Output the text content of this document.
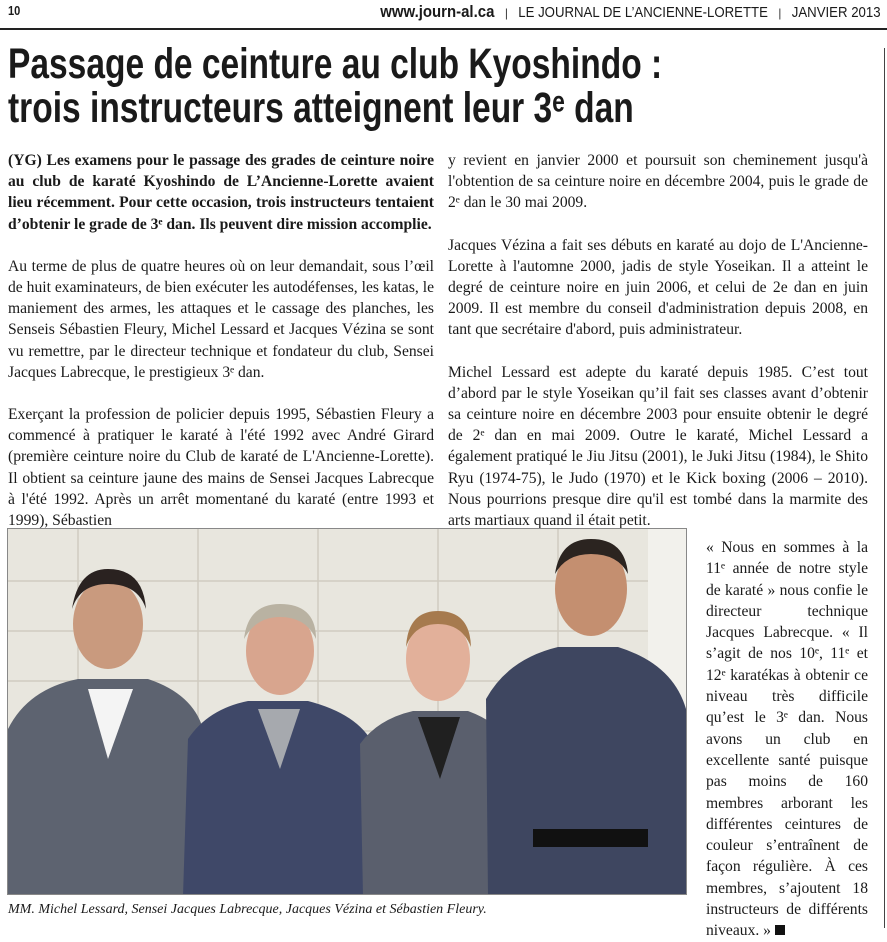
10	www.journ-al.ca | LE JOURNAL DE L’ANCIENNE-LORETTE | JANVIER 2013
Passage de ceinture au club Kyoshindo :
trois instructeurs atteignent leur 3ᵉ dan

(YG) Les examens pour le passage des grades de ceinture noire au club de karaté Kyoshindo de L’Ancienne-Lorette avaient lieu récemment. Pour cette occasion, trois instructeurs tentaient d’obtenir le grade de 3ᵉ dan. Ils peuvent dire mission accomplie.

Au terme de plus de quatre heures où on leur demandait, sous l’œil de huit examinateurs, de bien exécuter les autodéfenses, les katas, le maniement des armes, les attaques et le cassage des planches, les Senseis Sébastien Fleury, Michel Lessard et Jacques Vézina se sont vu remettre, par le directeur technique et fondateur du club, Sensei Jacques Labrecque, le prestigieux 3ᵉ dan.

Exerçant la profession de policier depuis 1995, Sébastien Fleury a commencé à pratiquer le karaté à l'été 1992 avec André Girard (première ceinture noire du Club de karaté de L'Ancienne-Lorette). Il obtient sa ceinture jaune des mains de Sensei Jacques Labrecque à l'été 1992. Après un arrêt momentané du karaté (entre 1993 et 1999), Sébastien

y revient en janvier 2000 et poursuit son cheminement jusqu'à l'obtention de sa ceinture noire en décembre 2004, puis le grade de 2ᵉ dan le 30 mai 2009.

Jacques Vézina a fait ses débuts en karaté au dojo de L'Ancienne-Lorette à l'automne 2000, jadis de style Yoseikan. Il a atteint le degré de ceinture noire en juin 2006, et celui de 2e dan en juin 2009. Il est membre du conseil d'administration depuis 2008, en tant que secrétaire d'abord, puis administrateur.

Michel Lessard est adepte du karaté depuis 1985. C’est tout d’abord par le style Yoseikan qu’il fait ses classes avant d’obtenir sa ceinture noire en décembre 2003 pour ensuite obtenir le degré de 2ᵉ dan en mai 2009. Outre le karaté, Michel Lessard a également pratiqué le Jiu Jitsu (2001), le Juki Jitsu (1984), le Shito Ryu (1974-75), le Judo (1970) et le Kick boxing (2006 – 2010). Nous pourrions presque dire qu'il est tombé dans la marmite des arts martiaux quand il était petit.

MM. Michel Lessard, Sensei Jacques Labrecque, Jacques Vézina et Sébastien Fleury.
« Nous en sommes à la 11ᵉ année de notre style de karaté » nous confie le directeur technique Jacques Labrecque. « Il s’agit de nos 10ᵉ, 11ᵉ et 12ᵉ karatékas à obtenir ce niveau très difficile qu’est le 3ᵉ dan. Nous avons un club en excellente santé puisque pas moins de 160 membres arborant les différentes ceintures de couleur s’entraînent de façon régulière. À ces membres, s’ajoutent 18 instructeurs de différents niveaux. »
